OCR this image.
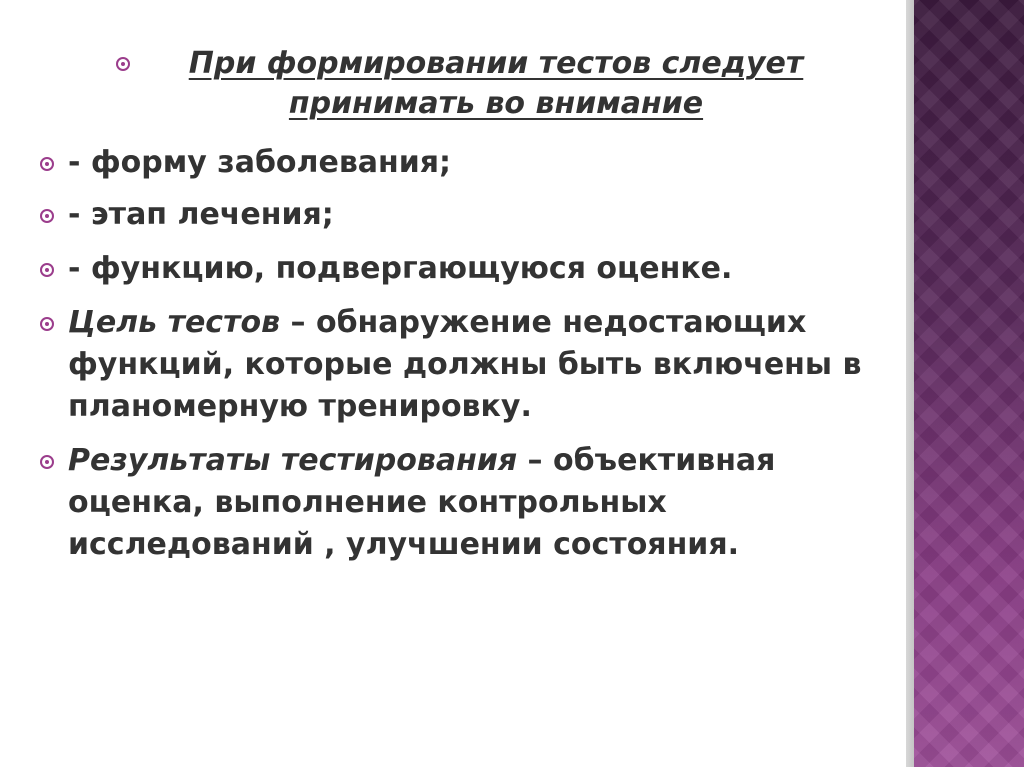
При формировании тестов следует принимать во внимание
- форму заболевания;
- этап лечения;
- функцию, подвергающуюся оценке.
Цель тестов – обнаружение недостающих функций, которые должны быть включены в планомерную тренировку.
Результаты тестирования – объективная оценка, выполнение контрольных исследований , улучшении состояния.
